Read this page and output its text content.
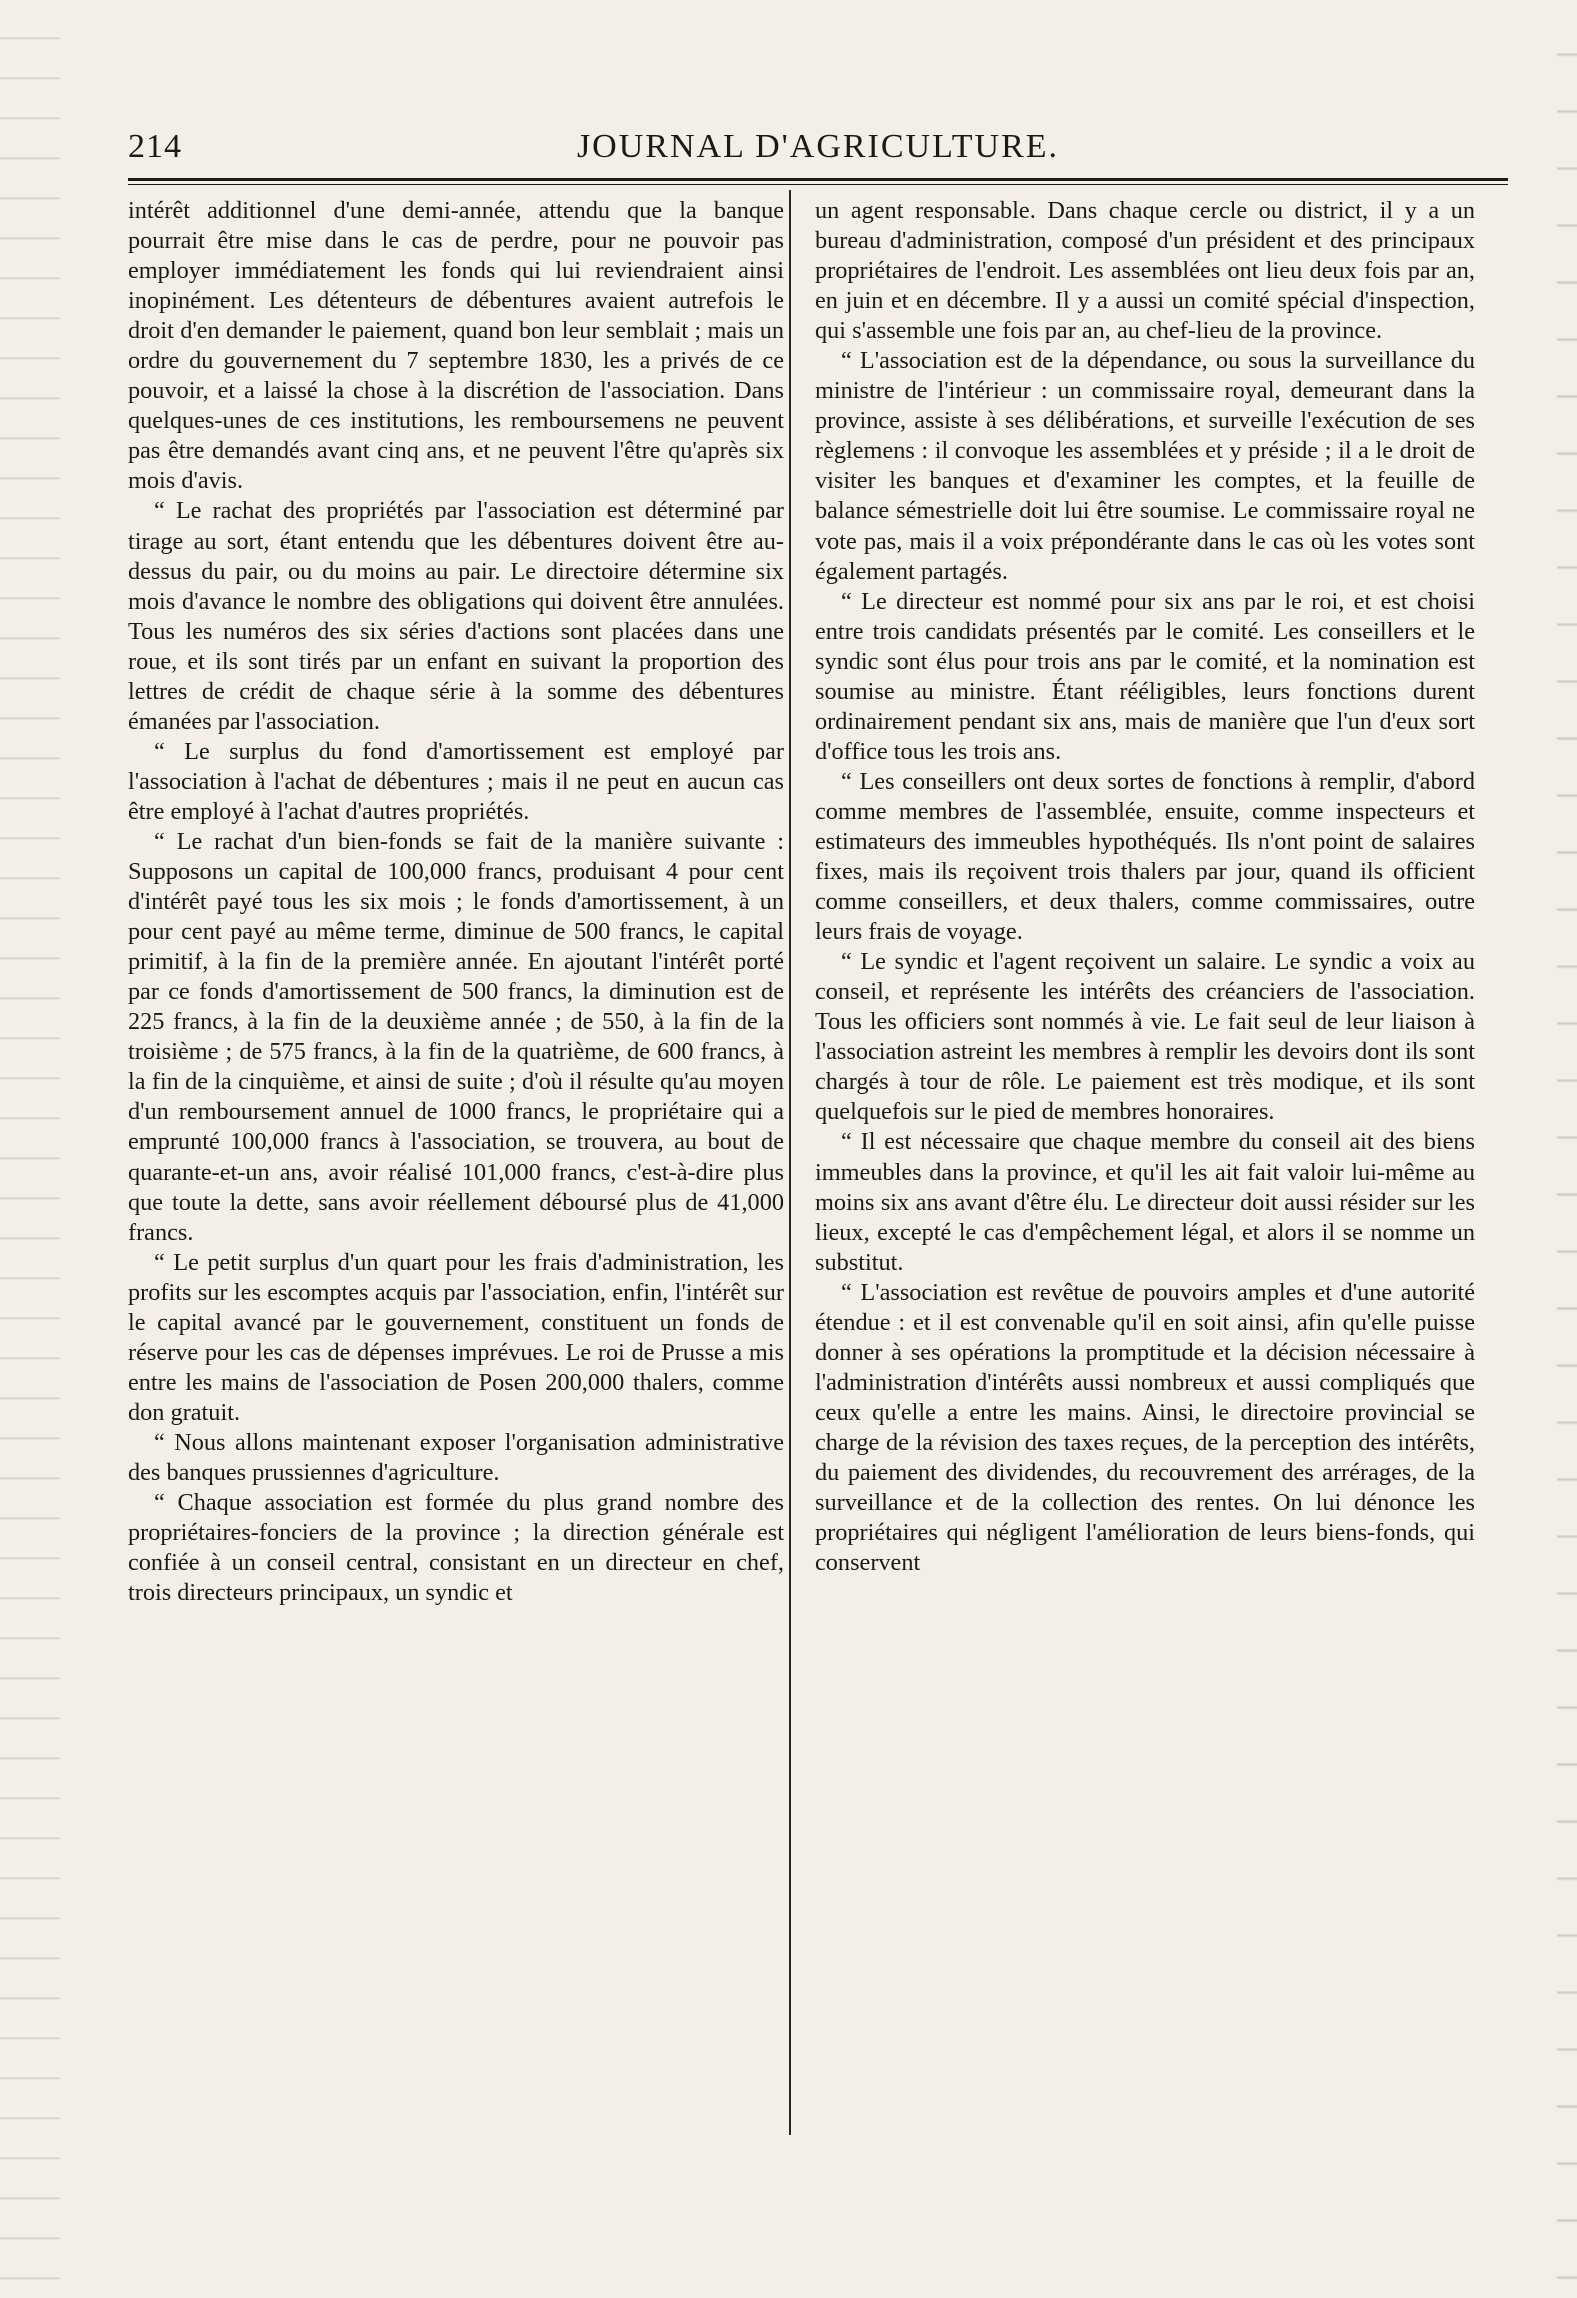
214	JOURNAL D'AGRICULTURE.

intérêt additionnel d'une demi-année, attendu que la banque pourrait être mise dans le cas de perdre, pour ne pouvoir pas employer immédiatement les fonds qui lui reviendraient ainsi inopinément. Les détenteurs de débentures avaient autrefois le droit d'en demander le paiement, quand bon leur semblait ; mais un ordre du gouvernement du 7 septembre 1830, les a privés de ce pouvoir, et a laissé la chose à la discrétion de l'association. Dans quelques-unes de ces institutions, les remboursemens ne peuvent pas être demandés avant cinq ans, et ne peuvent l'être qu'après six mois d'avis.

“ Le rachat des propriétés par l'association est déterminé par tirage au sort, étant entendu que les débentures doivent être au-dessus du pair, ou du moins au pair. Le directoire détermine six mois d'avance le nombre des obligations qui doivent être annulées. Tous les numéros des six séries d'actions sont placées dans une roue, et ils sont tirés par un enfant en suivant la proportion des lettres de crédit de chaque série à la somme des débentures émanées par l'association.

“ Le surplus du fond d'amortissement est employé par l'association à l'achat de débentures ; mais il ne peut en aucun cas être employé à l'achat d'autres propriétés.

“ Le rachat d'un bien-fonds se fait de la manière suivante : Supposons un capital de 100,000 francs, produisant 4 pour cent d'intérêt payé tous les six mois ; le fonds d'amortissement, à un pour cent payé au même terme, diminue de 500 francs, le capital primitif, à la fin de la première année. En ajoutant l'intérêt porté par ce fonds d'amortissement de 500 francs, la diminution est de 225 francs, à la fin de la deuxième année ; de 550, à la fin de la troisième ; de 575 francs, à la fin de la quatrième, de 600 francs, à la fin de la cinquième, et ainsi de suite ; d'où il résulte qu'au moyen d'un remboursement annuel de 1000 francs, le propriétaire qui a emprunté 100,000 francs à l'association, se trouvera, au bout de quarante-et-un ans, avoir réalisé 101,000 francs, c'est-à-dire plus que toute la dette, sans avoir réellement déboursé plus de 41,000 francs.

“ Le petit surplus d'un quart pour les frais d'administration, les profits sur les escomptes acquis par l'association, enfin, l'intérêt sur le capital avancé par le gouvernement, constituent un fonds de réserve pour les cas de dépenses imprévues. Le roi de Prusse a mis entre les mains de l'association de Posen 200,000 thalers, comme don gratuit.

“ Nous allons maintenant exposer l'organisation administrative des banques prussiennes d'agriculture.

“ Chaque association est formée du plus grand nombre des propriétaires-fonciers de la province ; la direction générale est confiée à un conseil central, consistant en un directeur en chef, trois directeurs principaux, un syndic et

un agent responsable. Dans chaque cercle ou district, il y a un bureau d'administration, composé d'un président et des principaux propriétaires de l'endroit. Les assemblées ont lieu deux fois par an, en juin et en décembre. Il y a aussi un comité spécial d'inspection, qui s'assemble une fois par an, au chef-lieu de la province.

“ L'association est de la dépendance, ou sous la surveillance du ministre de l'intérieur : un commissaire royal, demeurant dans la province, assiste à ses délibérations, et surveille l'exécution de ses règlemens : il convoque les assemblées et y préside ; il a le droit de visiter les banques et d'examiner les comptes, et la feuille de balance sémestrielle doit lui être soumise. Le commissaire royal ne vote pas, mais il a voix prépondérante dans le cas où les votes sont également partagés.

“ Le directeur est nommé pour six ans par le roi, et est choisi entre trois candidats présentés par le comité. Les conseillers et le syndic sont élus pour trois ans par le comité, et la nomination est soumise au ministre. Étant rééligibles, leurs fonctions durent ordinairement pendant six ans, mais de manière que l'un d'eux sort d'office tous les trois ans.

“ Les conseillers ont deux sortes de fonctions à remplir, d'abord comme membres de l'assemblée, ensuite, comme inspecteurs et estimateurs des immeubles hypothéqués. Ils n'ont point de salaires fixes, mais ils reçoivent trois thalers par jour, quand ils officient comme conseillers, et deux thalers, comme commissaires, outre leurs frais de voyage.

“ Le syndic et l'agent reçoivent un salaire. Le syndic a voix au conseil, et représente les intérêts des créanciers de l'association. Tous les officiers sont nommés à vie. Le fait seul de leur liaison à l'association astreint les membres à remplir les devoirs dont ils sont chargés à tour de rôle. Le paiement est très modique, et ils sont quelquefois sur le pied de membres honoraires.

“ Il est nécessaire que chaque membre du conseil ait des biens immeubles dans la province, et qu'il les ait fait valoir lui-même au moins six ans avant d'être élu. Le directeur doit aussi résider sur les lieux, excepté le cas d'empêchement légal, et alors il se nomme un substitut.

“ L'association est revêtue de pouvoirs amples et d'une autorité étendue : et il est convenable qu'il en soit ainsi, afin qu'elle puisse donner à ses opérations la promptitude et la décision nécessaire à l'administration d'intérêts aussi nombreux et aussi compliqués que ceux qu'elle a entre les mains. Ainsi, le directoire provincial se charge de la révision des taxes reçues, de la perception des intérêts, du paiement des dividendes, du recouvrement des arrérages, de la surveillance et de la collection des rentes. On lui dénonce les propriétaires qui négligent l'amélioration de leurs biens-fonds, qui conservent
